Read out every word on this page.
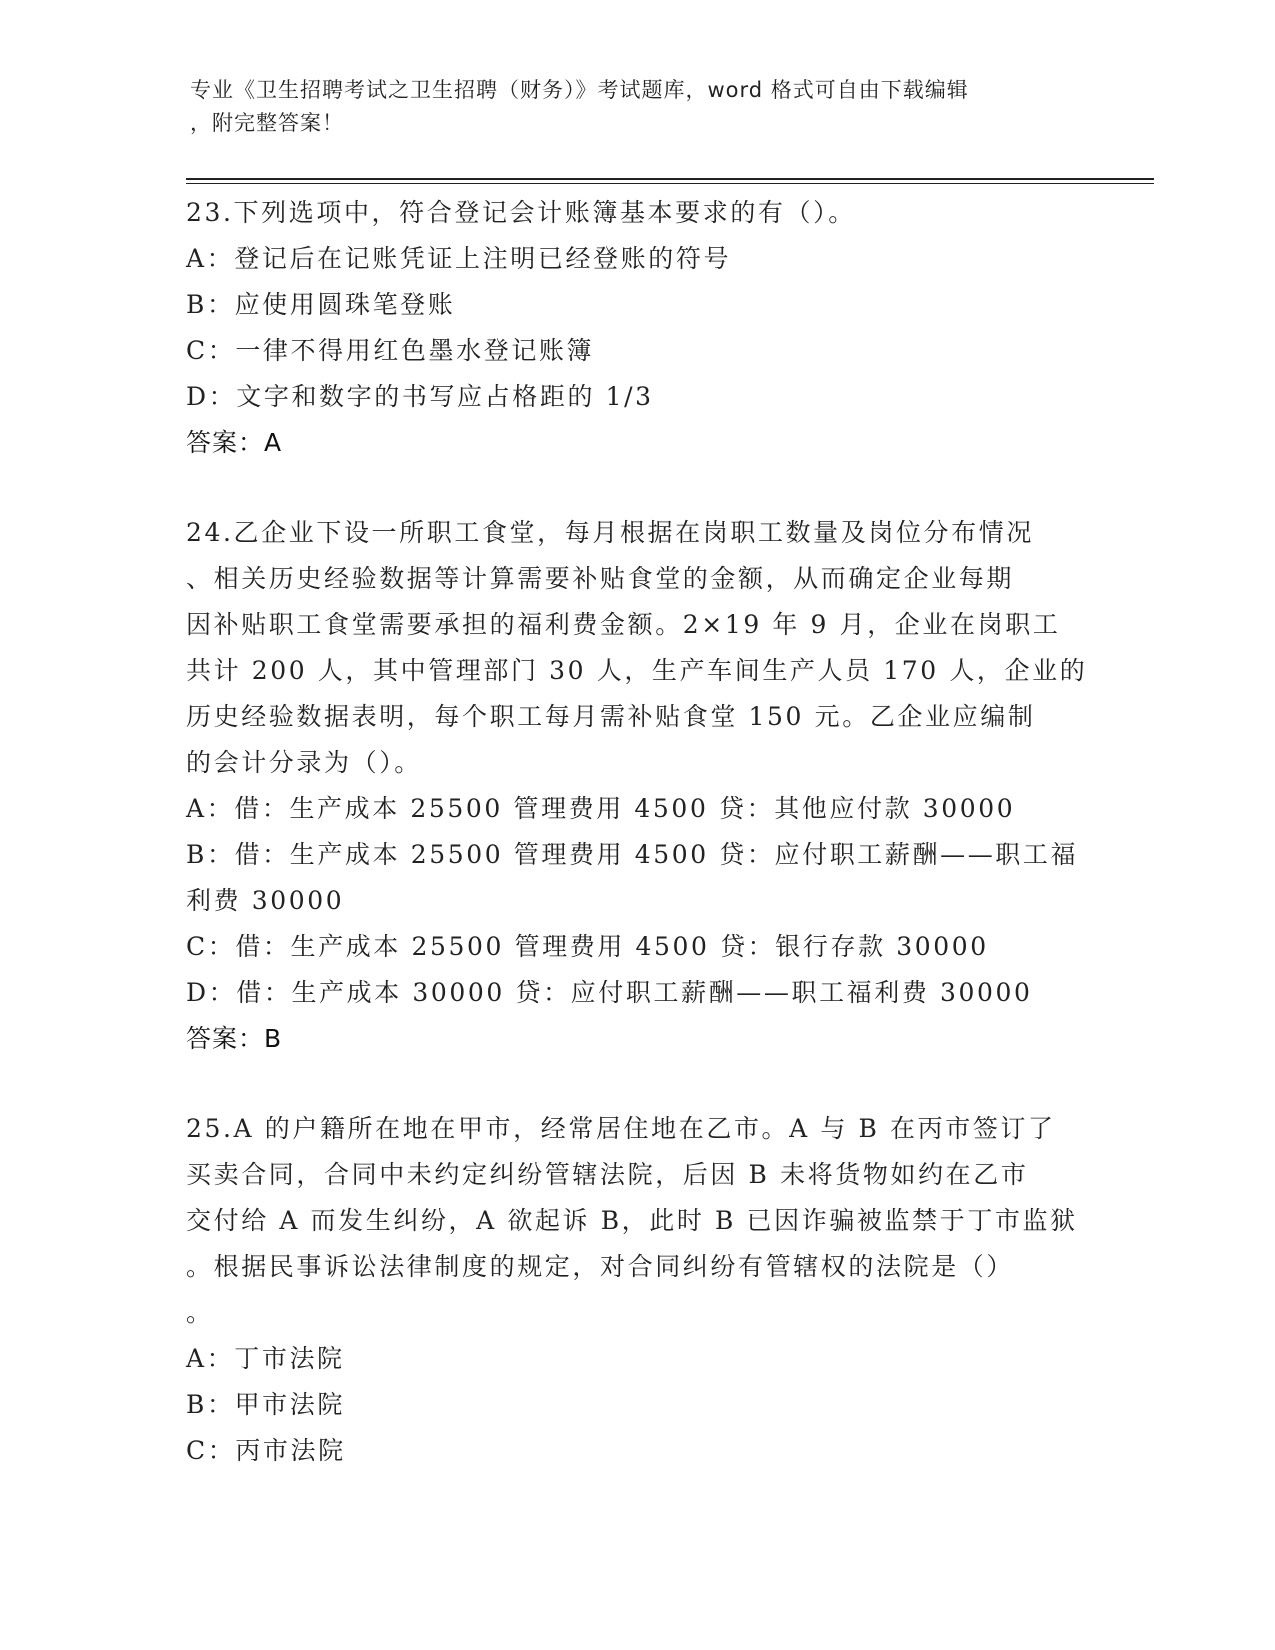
专业《卫生招聘考试之卫生招聘（财务）》考试题库，word 格式可自由下载编辑
，附完整答案！
23.下列选项中，符合登记会计账簿基本要求的有（）。
A：登记后在记账凭证上注明已经登账的符号
B：应使用圆珠笔登账
C：一律不得用红色墨水登记账簿
D：文字和数字的书写应占格距的 1/3
答案：A
24.乙企业下设一所职工食堂，每月根据在岗职工数量及岗位分布情况
、相关历史经验数据等计算需要补贴食堂的金额，从而确定企业每期
因补贴职工食堂需要承担的福利费金额。2×19 年 9 月，企业在岗职工
共计 200 人，其中管理部门 30 人，生产车间生产人员 170 人，企业的
历史经验数据表明，每个职工每月需补贴食堂 150 元。乙企业应编制
的会计分录为（）。
A：借：生产成本 25500 管理费用 4500 贷：其他应付款 30000
B：借：生产成本 25500 管理费用 4500 贷：应付职工薪酬——职工福
利费 30000
C：借：生产成本 25500 管理费用 4500 贷：银行存款 30000
D：借：生产成本 30000 贷：应付职工薪酬——职工福利费 30000
答案：B
25.A 的户籍所在地在甲市，经常居住地在乙市。A 与 B 在丙市签订了
买卖合同，合同中未约定纠纷管辖法院，后因 B 未将货物如约在乙市
交付给 A 而发生纠纷，A 欲起诉 B，此时 B 已因诈骗被监禁于丁市监狱
。根据民事诉讼法律制度的规定，对合同纠纷有管辖权的法院是（）
。
A：丁市法院
B：甲市法院
C：丙市法院
